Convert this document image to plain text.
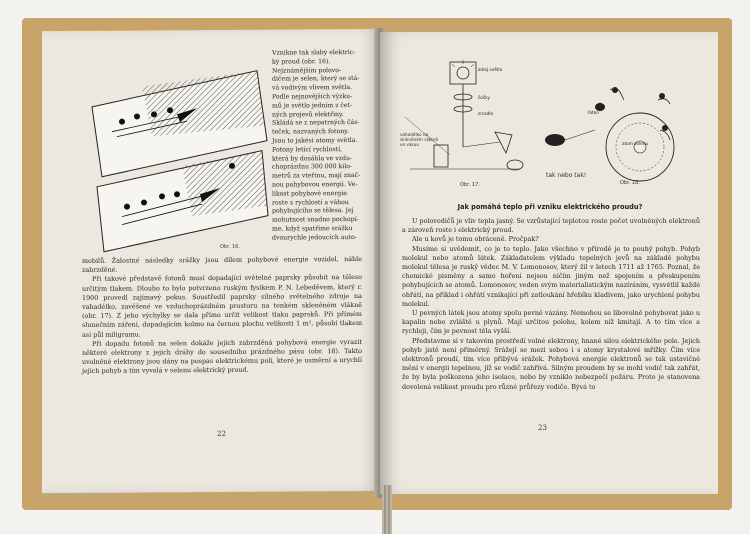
Obr. 16.

Vznikne tak slabý elektric-

ký proud (obr. 16).

Nejznámějším polovo-

dičem je selen, který se stá-

vá vodivým vlivem světla.

Podle nejnovějších výzku-

mů je světlo jedním z čet-

ných projevů elektřiny.

Skládá se z nepatrných čás-

teček, nazvaných fotony.

Jsou to jakési atomy světla.

Fotony letící rychlostí,

která by dosáhla ve vzdu-

choprázdnu 300 000 kilo-

metrů za vteřinu, mají znač-

nou pohybovou energii. Ve-

likost pohybové energie

roste s rychlostí a váhou

pohybujícího se tělesa. Jej

mohutnost snadno pochopí-

me, když spatříme srážku

dvourychle jedoucích auto-

mobilů. Žalostné následky srážky jsou dílem pohybové energie vozidel, náhle zabrzděné.

Při takové představě fotonů musí dopadající světelné paprsky působit na těleso určitým tlakem. Dlouho to bylo potvrzeno ruským fysikem P. N. Lebeděvem, který r. 1900 provedl zajímavý pokus. Soustředil paprsky silného světelného zdroje na vahadélko, zavěšené ve vzduchoprázdném prostoru na tenkém skleněném vlákně (obr. 17). Z jeho výchylky se dala přímo určit velikost tlaku paprsků. Při přímém slunečním záření, dopadajícím kolmo na černou plochu velikosti 1 m², působí tlakem asi půl miligramu.

Při dopadu fotonů na selen dokáže jejich zabrzděná pohybová energie vyrazit některé elektrony z jejich dráhy do sousedního prázdného pásu (obr. 18). Takto uvolněné elektrony jsou dány na pospas elektrickému poli, které je usměrní a urychlí jejich pohyb a tím vyvolá v selenu elektrický proud.

22
zdroj světla
čočky
zrcadlo
vahadélko na skleněném vlákně ve vakuu
Obr. 17.
atom selenu
foton
tak nebo tak!
Obr. 18.
Jak pomáhá teplo při vzniku elektrického proudu?

U polovodičů je vliv tepla jasný. Se vzrůstající teplotou roste počet uvolněných elektronů a zároveň roste i elektrický proud.

Ale u kovů je tomu obráceně. Pročpak?

Musíme si uvědomit, co je to teplo. Jako všechno v přírodě je to pouhý pohyb. Pohyb molekul nebo atomů látek. Základatelem výkladu tepelných jevů na základě pohybu molekul tělesa je ruský vědec M. V. Lomonosov, který žil v letech 1711 až 1765. Poznal, že chemické pisměny a samo hoření nejsou ničím jiným než spojením a přeskupením pohybujících se atomů. Lomonosov, veden svým materialistickým nazíráním, vysvětlil každé ohřátí, na příklad i ohřátí vznikající při zatloukání hřebíku kladivem, jako urychlení pohybu molekul.

U pevných látek jsou atomy spolu pevně vázány. Nemohou se libovolně pohybovat jako u kapalin nebo zvláště u plynů. Mají určitou polohu, kolem níž kmitají. A to tím více a rychleji, čím je pevnost těla vyšší.

Představme si v takovém prostředí volné elektrony, hnané silou elektrického pole. Jejich pohyb jistě není příměrný. Srážejí se mezi sebou i s atomy krystalové mřížky. Čím více elektronů proudí, tím více přibývá srážek. Pohybová energie elektronů se tak ustavičně mění v energii tepelnou, jíž se vodič zahřívá. Silným proudem by se mohl vodič tak zahřát, že by byla poškozena jeho isolace, nebo by vzniklo nebezpečí požáru. Proto je stanovena dovolená velikost proudu pro různé průřezy vodiče. Bývá to

23
